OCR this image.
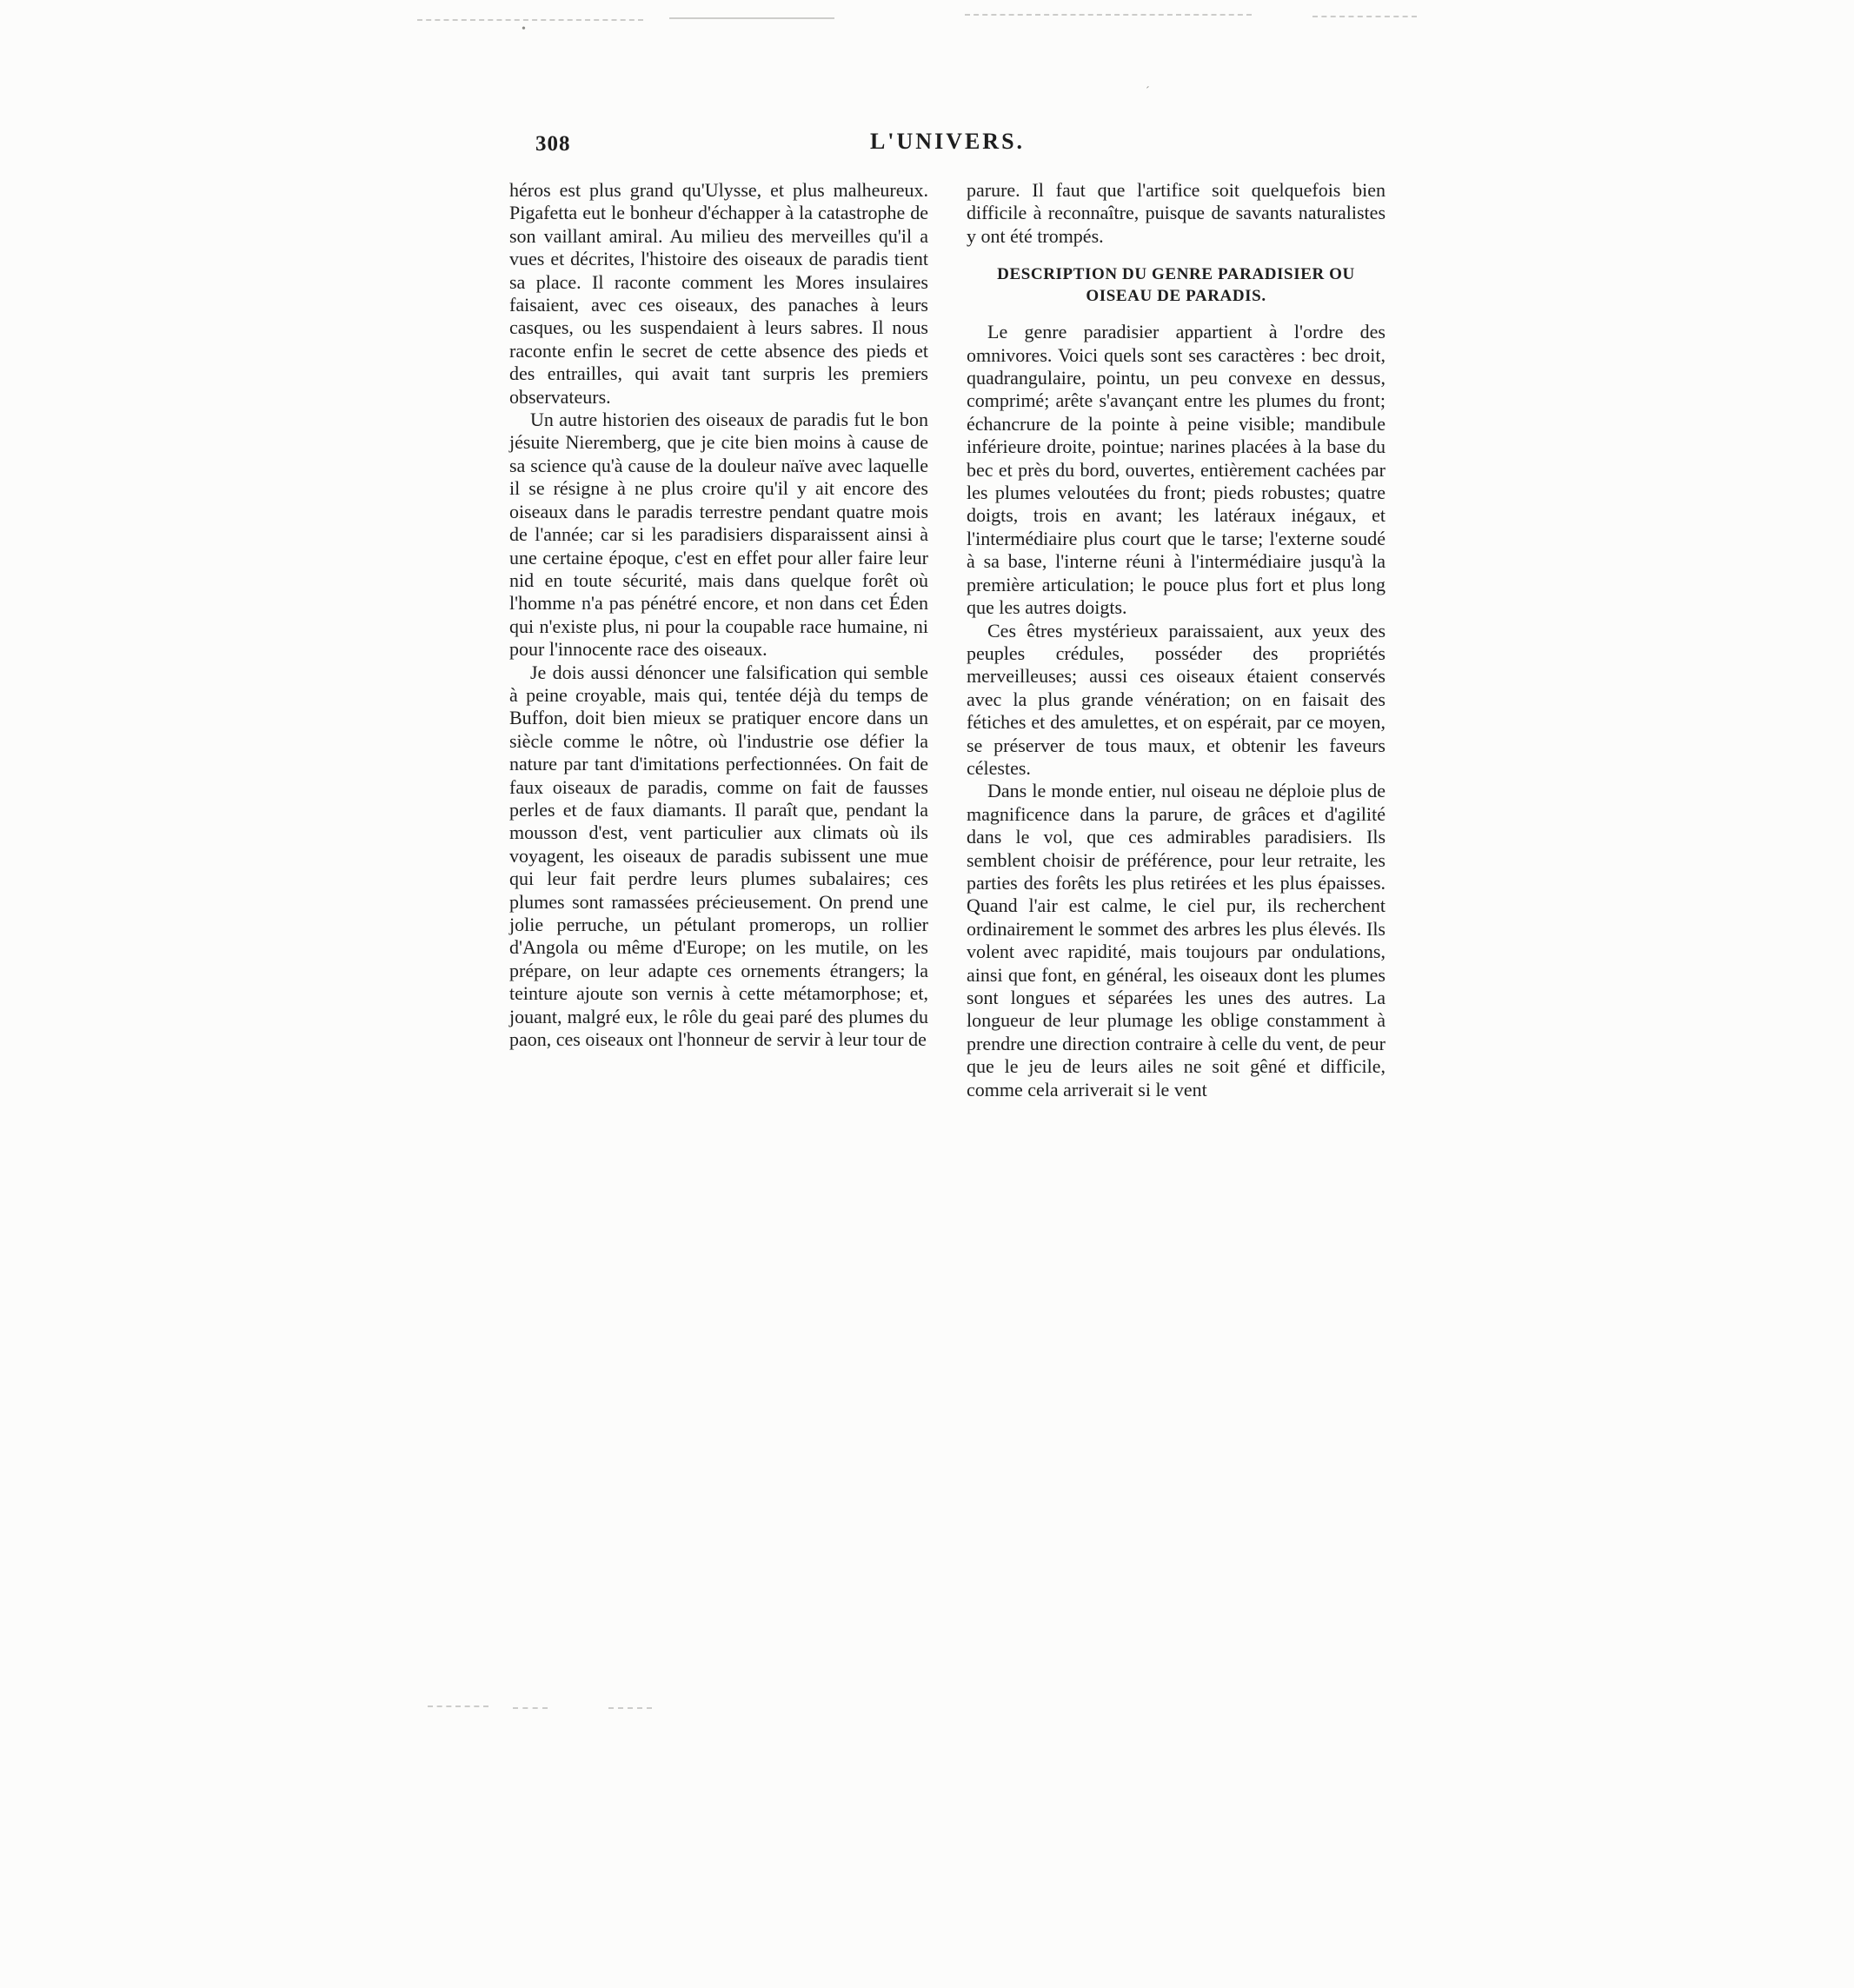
•
´
308	L'UNIVERS.

héros est plus grand qu'Ulysse, et plus malheureux. Pigafetta eut le bonheur d'échapper à la catastrophe de son vaillant amiral. Au milieu des merveilles qu'il a vues et décrites, l'histoire des oiseaux de paradis tient sa place. Il raconte comment les Mores insulaires faisaient, avec ces oiseaux, des panaches à leurs casques, ou les suspendaient à leurs sabres. Il nous raconte enfin le secret de cette absence des pieds et des entrailles, qui avait tant surpris les premiers observateurs.

Un autre historien des oiseaux de paradis fut le bon jésuite Nieremberg, que je cite bien moins à cause de sa science qu'à cause de la douleur naïve avec laquelle il se résigne à ne plus croire qu'il y ait encore des oiseaux dans le paradis terrestre pendant quatre mois de l'année; car si les paradisiers disparaissent ainsi à une certaine époque, c'est en effet pour aller faire leur nid en toute sécurité, mais dans quelque forêt où l'homme n'a pas pénétré encore, et non dans cet Éden qui n'existe plus, ni pour la coupable race humaine, ni pour l'innocente race des oiseaux.

Je dois aussi dénoncer une falsification qui semble à peine croyable, mais qui, tentée déjà du temps de Buffon, doit bien mieux se pratiquer encore dans un siècle comme le nôtre, où l'industrie ose défier la nature par tant d'imitations perfectionnées. On fait de faux oiseaux de paradis, comme on fait de fausses perles et de faux diamants. Il paraît que, pendant la mousson d'est, vent particulier aux climats où ils voyagent, les oiseaux de paradis subissent une mue qui leur fait perdre leurs plumes subalaires; ces plumes sont ramassées précieusement. On prend une jolie perruche, un pétulant promerops, un rollier d'Angola ou même d'Europe; on les mutile, on les prépare, on leur adapte ces ornements étrangers; la teinture ajoute son vernis à cette métamorphose; et, jouant, malgré eux, le rôle du geai paré des plumes du paon, ces oiseaux ont l'honneur de servir à leur tour de

parure. Il faut que l'artifice soit quelquefois bien difficile à reconnaître, puisque de savants naturalistes y ont été trompés.

DESCRIPTION DU GENRE PARADISIER OU OISEAU DE PARADIS.

Le genre paradisier appartient à l'ordre des omnivores. Voici quels sont ses caractères : bec droit, quadrangulaire, pointu, un peu convexe en dessus, comprimé; arête s'avançant entre les plumes du front; échancrure de la pointe à peine visible; mandibule inférieure droite, pointue; narines placées à la base du bec et près du bord, ouvertes, entièrement cachées par les plumes veloutées du front; pieds robustes; quatre doigts, trois en avant; les latéraux inégaux, et l'intermédiaire plus court que le tarse; l'externe soudé à sa base, l'interne réuni à l'intermédiaire jusqu'à la première articulation; le pouce plus fort et plus long que les autres doigts.

Ces êtres mystérieux paraissaient, aux yeux des peuples crédules, posséder des propriétés merveilleuses; aussi ces oiseaux étaient conservés avec la plus grande vénération; on en faisait des fétiches et des amulettes, et on espérait, par ce moyen, se préserver de tous maux, et obtenir les faveurs célestes.

Dans le monde entier, nul oiseau ne déploie plus de magnificence dans la parure, de grâces et d'agilité dans le vol, que ces admirables paradisiers. Ils semblent choisir de préférence, pour leur retraite, les parties des forêts les plus retirées et les plus épaisses. Quand l'air est calme, le ciel pur, ils recherchent ordinairement le sommet des arbres les plus élevés. Ils volent avec rapidité, mais toujours par ondulations, ainsi que font, en général, les oiseaux dont les plumes sont longues et séparées les unes des autres. La longueur de leur plumage les oblige constamment à prendre une direction contraire à celle du vent, de peur que le jeu de leurs ailes ne soit gêné et difficile, comme cela arriverait si le vent
